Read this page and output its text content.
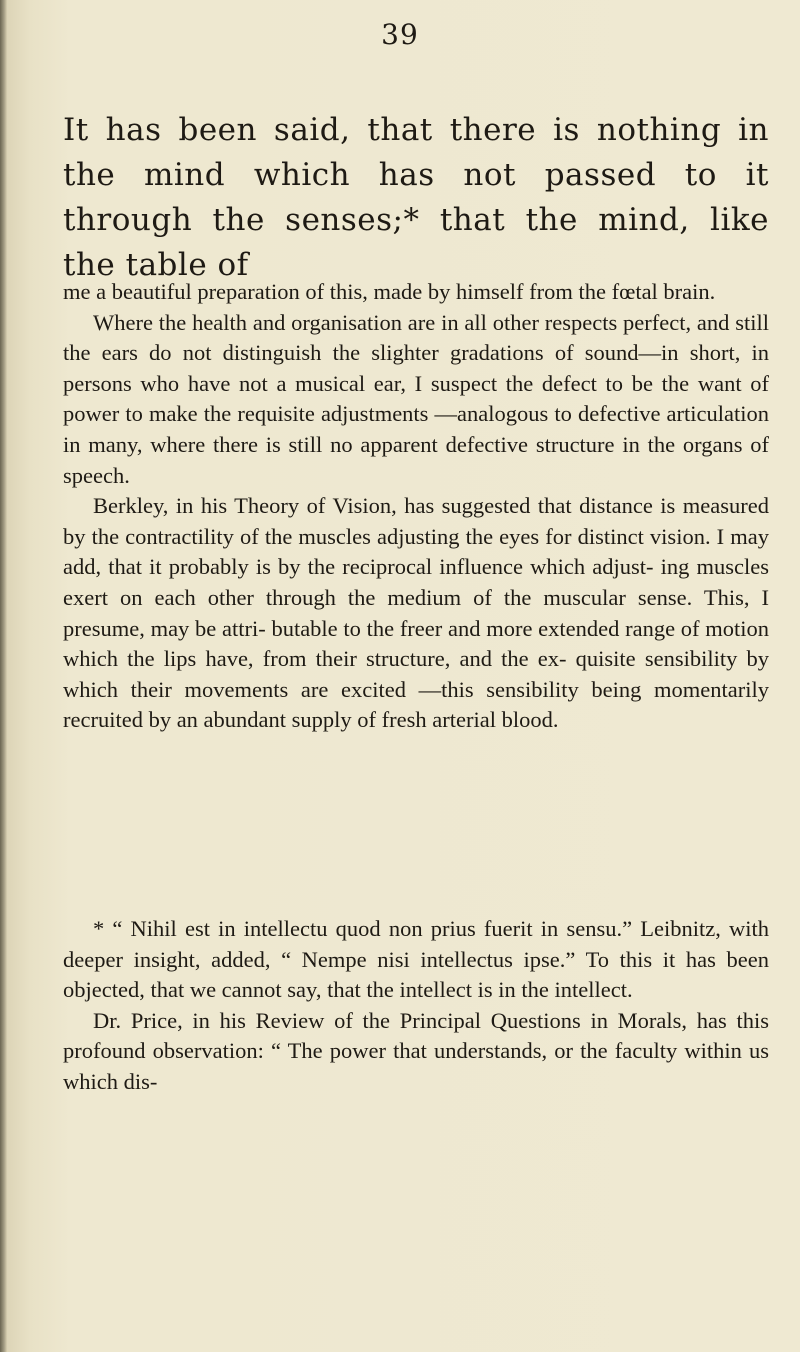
39

It has been said, that there is nothing in the mind which has not passed to it through the senses;* that the mind, like the table of

me a beautiful preparation of this, made by himself from the fœtal brain.

Where the health and organisation are in all other respects perfect, and still the ears do not distinguish the slighter gradations of sound—in short, in persons who have not a musical ear, I suspect the defect to be the want of power to make the requisite adjustments —analogous to defective articulation in many, where there is still no apparent defective structure in the organs of speech.

Berkley, in his Theory of Vision, has suggested that distance is measured by the contractility of the muscles adjusting the eyes for distinct vision. I may add, that it probably is by the reciprocal influence which adjust- ing muscles exert on each other through the medium of the muscular sense. This, I presume, may be attri- butable to the freer and more extended range of motion which the lips have, from their structure, and the ex- quisite sensibility by which their movements are excited —this sensibility being momentarily recruited by an abundant supply of fresh arterial blood.

* “ Nihil est in intellectu quod non prius fuerit in sensu.” Leibnitz, with deeper insight, added, “ Nempe nisi intellectus ipse.” To this it has been objected, that we cannot say, that the intellect is in the intellect.

Dr. Price, in his Review of the Principal Questions in Morals, has this profound observation: “ The power that understands, or the faculty within us which dis-
